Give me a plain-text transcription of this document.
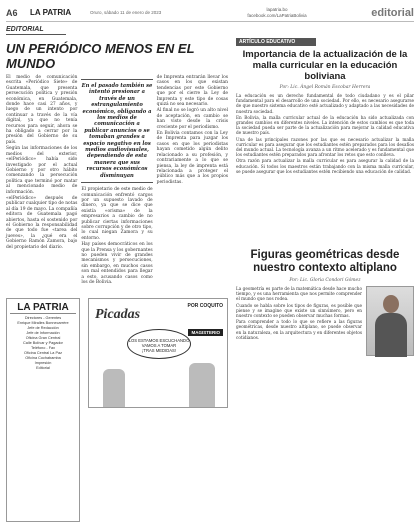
A6	LA PATRIA	Oruro, sábado 11 de enero de 2023
lapatria.bo
facebook.com/LaPatriaBolivia	editorial
EDITORIAL
UN PERIÓDICO MENOS EN EL MUNDO

El medio de comunicación escrita «Periódico Siete» de Guatemala, que presenta persecución política y presión económica, en Guatemala, donde hace casi 27 años, y luego de un intento por continuar a través de la vía digital, ya que no tenía recursos para seguir, ahora se ha obligado a cerrar por la presión del Gobierno de su país.

Según las informaciones de los medios del exterior, «elPeriódico» había sido investigado por el actual Gobierno y por otro hábito comenzando la persecución política que terminó por matar al mencionado medio de información.

«elPeriódico» después de publicar cualquier tipo de notas al día 19 de mayo. La compañía editora de Guatemala pagó abiertos, hasta el sostenido por el Gobierno la responsabilidad de que todo fue «tarea del jueves», la ¿qué era el Gobierno Ramón Zamora, bajo del propietario del diario.

En el pasado también se intentó presionar a través de un estrangulamiento económico, obligando a los medios de comunicación a publicar anuncios o se tomaban grandes a espacio negativo en los medios audiovisuales, dependiendo de esta manera que sus recursos económicos disminuyan

El propietario de este medio de comunicación enfrentó cargos por un supuesto lavado de dinero, ya que se dice que existía «orisma» de la empresarios a cambio de no publicar ciertas informaciones sobre corrupción y de otro tipo, lo cual niegan Zamora y su entorno.

Hay países democráticos en los que la Prensa y los gobernantes no pueden vivir de grandes mecanismos y persecuciones, sin embargo, en muchos casos son mal entendidos para llegar a esto, acusando casos como los de Bolivia.

de Imprenta entrarán llevar los casos en los que existan tendencias por este Gobierno que por el cierre la Ley de Imprenta y este tipo de cosas quizá no sea necesario.

Al final no se logró un alto nivel de aceptación, en cambio se han visto desde la crisis creciente por el periodismo.

En Bolivia contamos con la Ley de Imprenta para juzgar los casos en que los periodistas hayan cometido algún delito relacionado a su profesión, y contrariamente a lo que se piensa, la ley de imprenta está relacionada a proteger el público más que a los propios periodistas.

ARTÍCULO EDUCATIVO
Importancia de la actualización de la malla curricular en la educación boliviana
Por: Lic. Ángel Román Escobar Herrera

La educación es un derecho fundamental de todo ciudadano y es el pilar fundamental para el desarrollo de una sociedad. Por ello, es necesario asegurarse de que nuestro sistema educativo esté actualizado y adaptado a las necesidades de nuestra sociedad.

En Bolivia, la malla curricular actual de la educación ha sido actualizada con grandes cambios en diferentes niveles. La intención de estos cambios es que toda la sociedad pueda ser parte de la actualización para mejorar la calidad educativa de nuestro país.

Una de las principales razones por las que es necesario actualizar la malla curricular es para asegurar que los estudiantes estén preparados para los desafíos del mundo actual. La tecnología avanza a un ritmo acelerado y es fundamental que los estudiantes estén preparados para afrontar los retos que esto conlleva.

Otra razón para actualizar la malla curricular es para asegurar la calidad de la educación. Si todos los maestros están trabajando con la misma malla curricular, se puede asegurar que los estudiantes estén recibiendo una educación de calidad.

Figuras geométricas desde nuestro contexto altiplano
Por: Lic. Gloria Condori Gómez

La geometría es parte de la matemática desde hace mucho tiempo, y es una herramienta que nos permite comprender el mundo que nos rodea.

Cuando se habla sobre los tipos de figuras, es posible que piense y se imagine que existe un sinnúmero, pero en nuestro contexto se pueden observar muchas formas.

Para comprender a todo lo que se refiere a las figuras geométricas, desde nuestro altiplano, se puede observar en la naturaleza, en la arquitectura y en diferentes objetos cotidianos.

LA PATRIA
Directores - Gerentes
Enrique Miralles Bonnecarrère
Jefe de Redacción
Jefe de Información
Oficina Gran Central
Calle Bolívar y Pagador
Teléfono - Fax
Oficina Central La Paz
Oficina Cochabamba
Impresión
Editorial
Picadas
POR COQUITO
MAGISTERIO
LOS ESTAMOS ESCUCHANDO
VAMOS A TOMAR
¡TRAS MEDIDAS!
